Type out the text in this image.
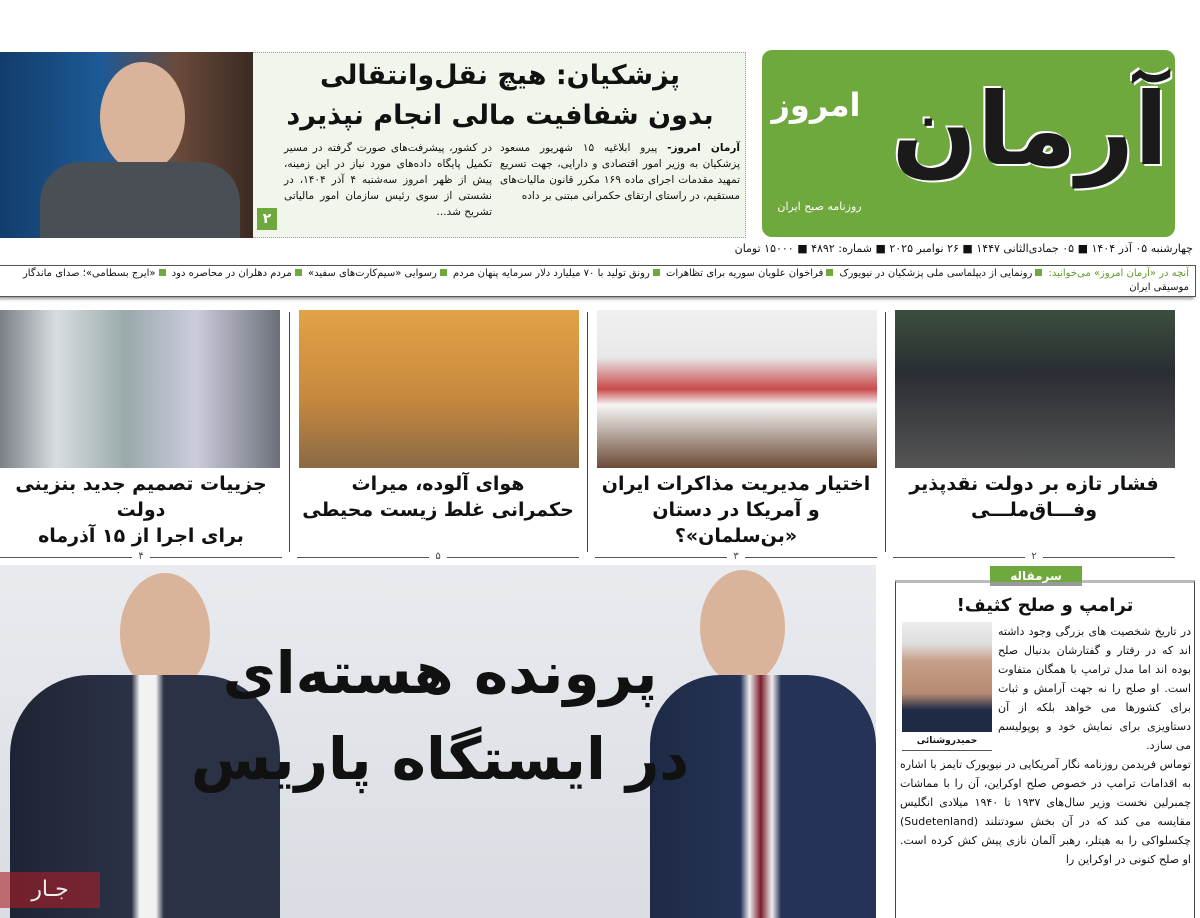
آرمان
امروز
روزنامه صبح ایران
پزشکیان: هیچ نقل‌وانتقالی
بدون شفافیت مالی انجام نپذیرد
آرمان امروز- پیرو ابلاغیه ۱۵ شهریور مسعود پزشکیان به وزیر امور اقتصادی و دارایی، جهت تسریع تمهید مقدمات اجرای ماده ۱۶۹ مکرر قانون مالیات‌های مستقیم، در راستای ارتقای حکمرانی مبتنی بر داده
در کشور، پیشرفت‌های صورت گرفته در مسیر تکمیل پایگاه داده‌های مورد نیاز در این زمینه، پیش از ظهر امروز سه‌شنبه ۴ آذر ۱۴۰۴، در نشستی از سوی رئیس سازمان امور مالیاتی تشریح شد...
۲
چهارشنبه ۰۵ آذر ۱۴۰۴ ■ ۰۵ جمادی‌الثانی ۱۴۴۷ ■ ۲۶ نوامبر ۲۰۲۵ ■ شماره: ۴۸۹۲ ■ ۱۵۰۰۰ تومان
آنچه در «آرمان امروز» می‌خوانید: رونمایی از دیپلماسی ملی پزشکیان در نیویورک فراخوان علویان سوریه برای تظاهرات رونق تولید با ۷۰ میلیارد دلار سرمایه پنهان مردم رسوایی «سیم‌کارت‌های سفید» مردم دهلران در محاصره دود «ایرج بسطامی»؛ صدای ماندگار موسیقی ایران
فشار تازه بر دولت نقدپذیر
وفـــاق‌ملـــی
اختیار مدیریت مذاکرات ایران
و آمریکا در دستان «بن‌سلمان»؟
هوای آلوده، میراث
حکمرانی غلط زیست محیطی
جزییات تصمیم جدید بنزینی دولت
برای اجرا از ۱۵ آذرماه
۲
۳
۵
۴
پرونده هسته‌ای
در ایستگاه پاریس
جـار
سرمقاله
ترامپ و صلح کثیف!
حمیدروشنائی

در تاریخ شخصیت های بزرگی وجود داشته اند که در رفتار و گفتارشان بدنبال صلح بوده اند اما مدل ترامپ با همگان متفاوت است. او صلح را نه جهت آرامش و ثبات برای کشورها می خواهد بلکه از آن دستاویزی برای نمایش خود و پوپولیسم می سازد.

توماس فریدمن روزنامه نگار آمریکایی در نیویورک تایمز با اشاره به اقدامات ترامپ در خصوص صلح اوکراین، آن را با مماشات چمبرلین نخست وزیر سال‌های ۱۹۳۷ تا ۱۹۴۰ میلادی انگلیس مقایسه می کند که در آن بخش سودتنلند (Sudetenland) چکسلواکی را به هیتلر، رهبر آلمان نازی پیش کش کرده است. او صلح کنونی در اوکراین را
